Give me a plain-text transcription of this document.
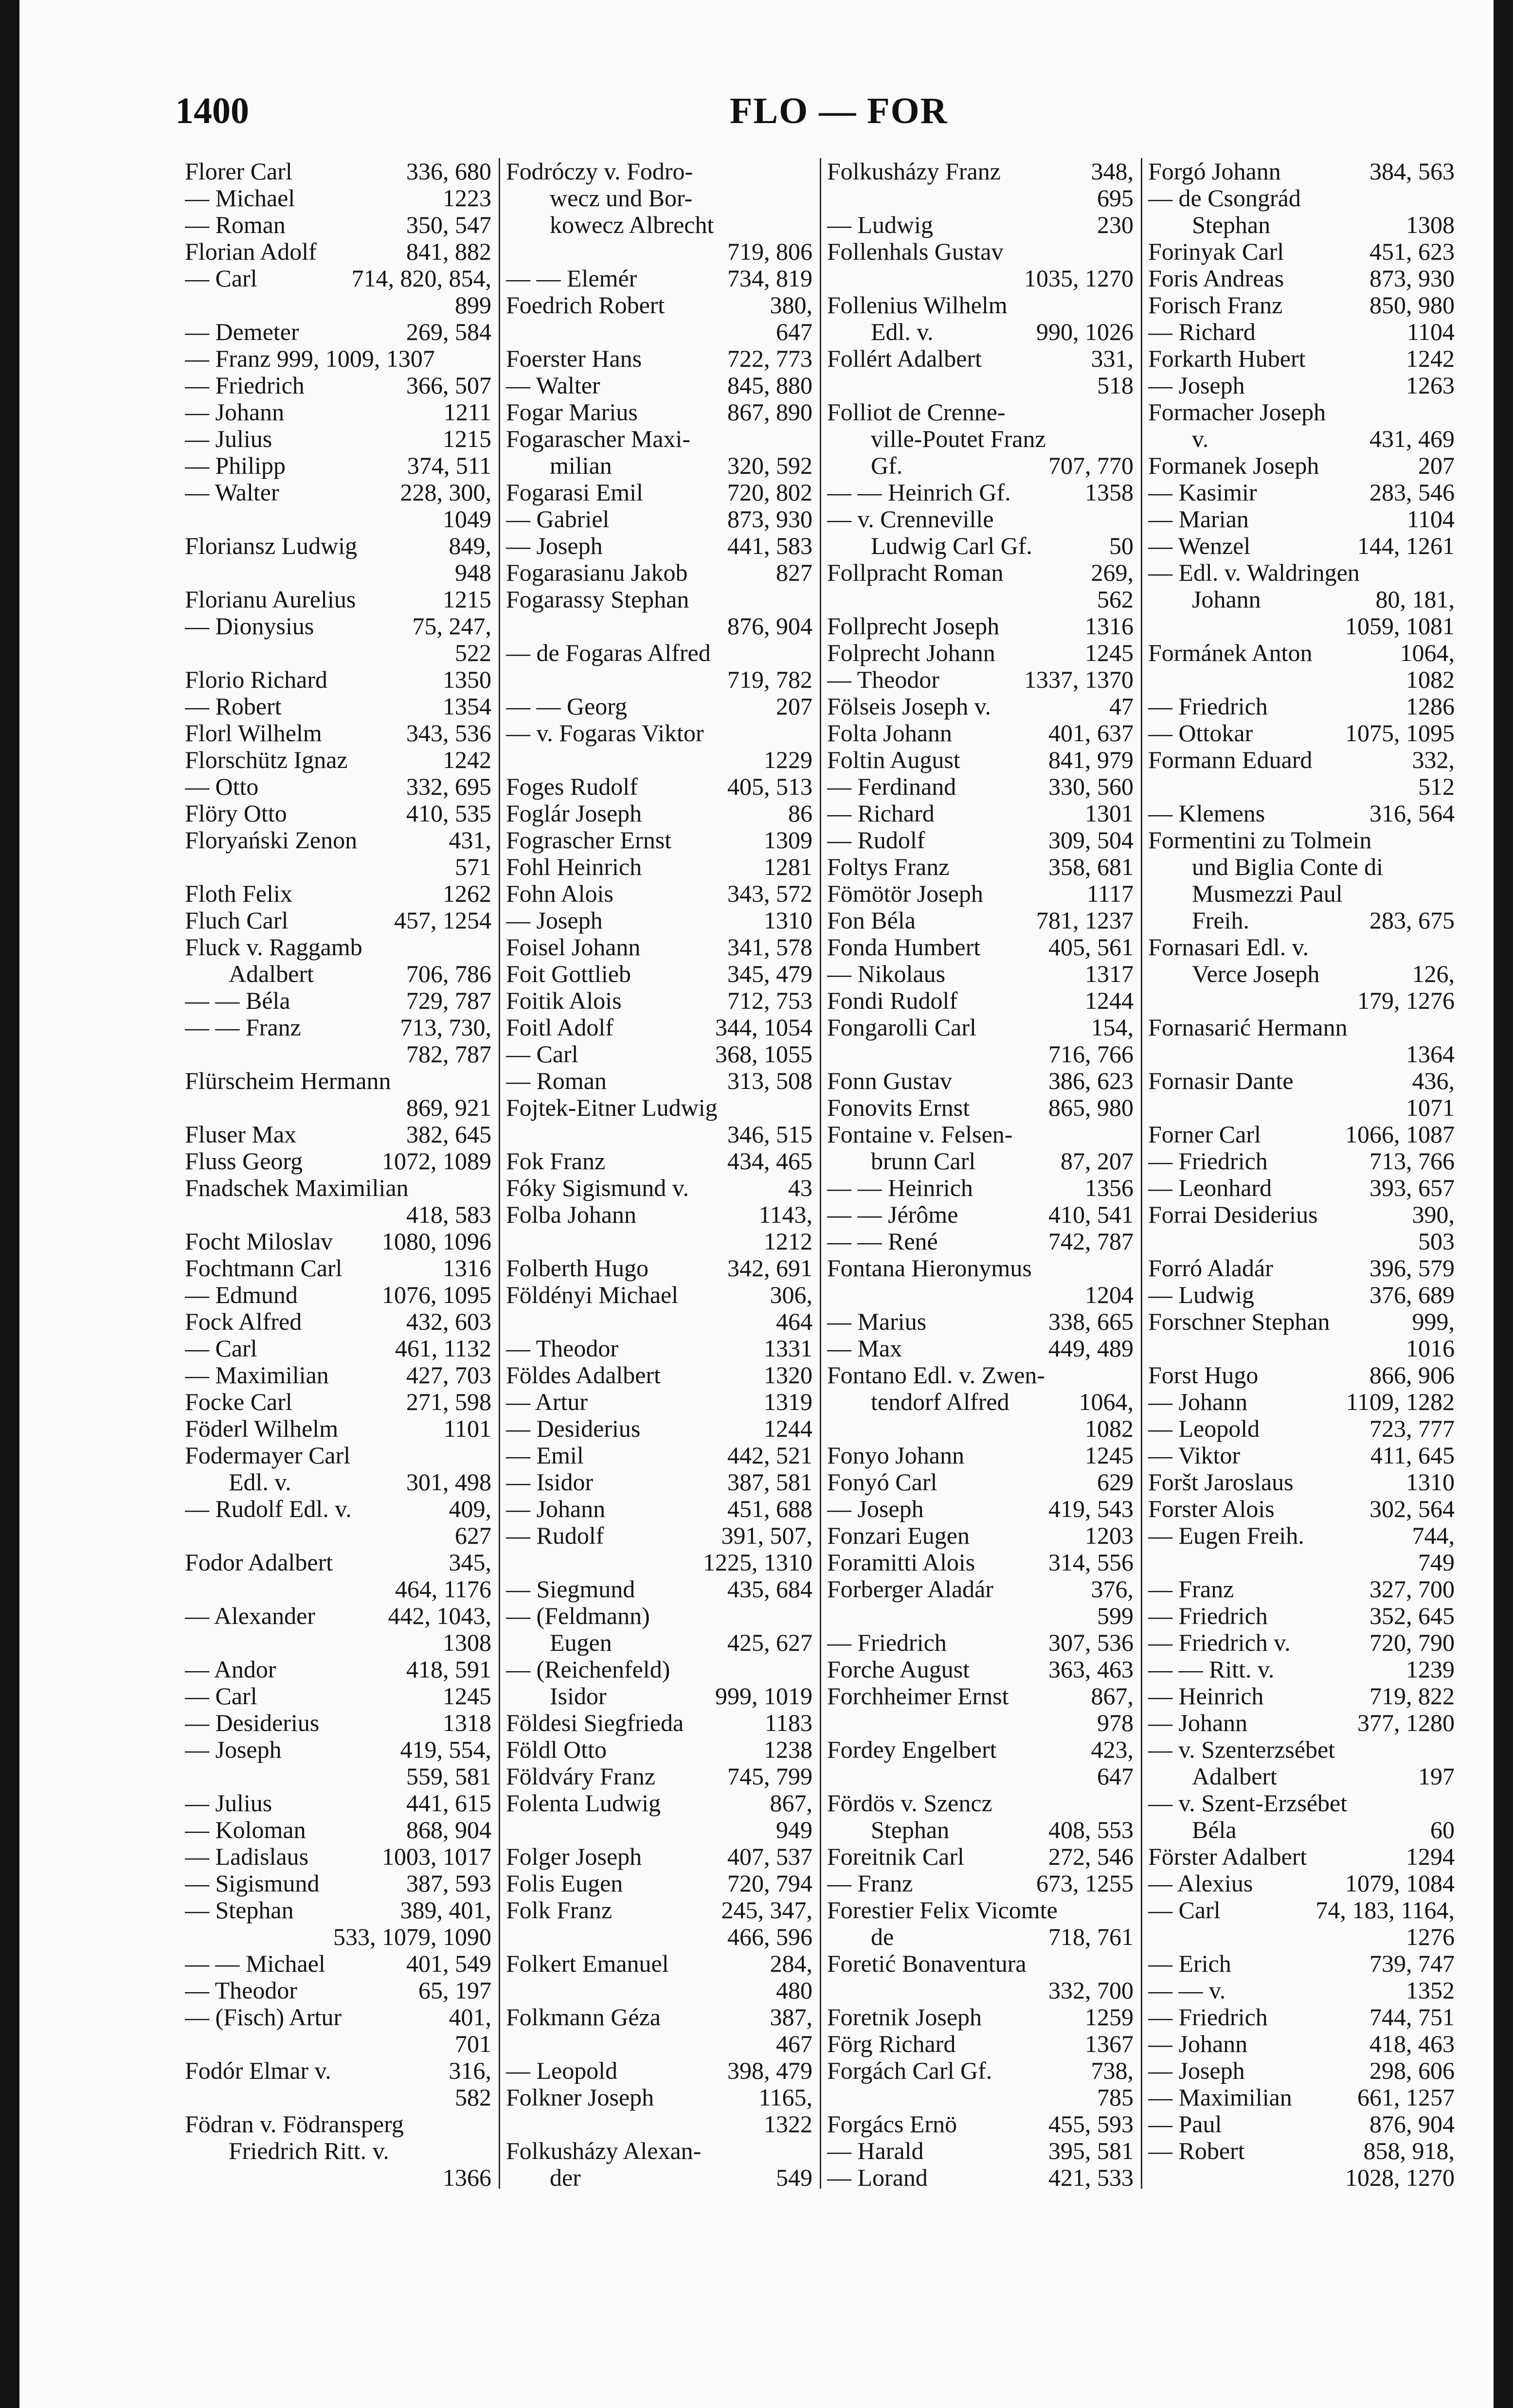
1400	FLO — FOR
Florer Carl	336, 680
— Michael	1223
— Roman	350, 547
Florian Adolf	841, 882
— Carl	714, 820, 854,
899
— Demeter	269, 584
— Franz 999, 1009, 1307
— Friedrich	366, 507
— Johann	1211
— Julius	1215
— Philipp	374, 511
— Walter	228, 300,
1049
Floriansz Ludwig	849,
948
Florianu Aurelius	1215
— Dionysius	75, 247,
522
Florio Richard	1350
— Robert	1354
Florl Wilhelm	343, 536
Florschütz Ignaz	1242
— Otto	332, 695
Flöry Otto	410, 535
Floryański Zenon	431,
571
Floth Felix	1262
Fluch Carl	457, 1254
Fluck v. Raggamb
Adalbert	706, 786
— — Béla	729, 787
— — Franz	713, 730,
782, 787
Flürscheim Hermann
869, 921
Fluser Max	382, 645
Fluss Georg	1072, 1089
Fnadschek Maximilian
418, 583
Focht Miloslav	1080, 1096
Fochtmann Carl	1316
— Edmund	1076, 1095
Fock Alfred	432, 603
— Carl	461, 1132
— Maximilian	427, 703
Focke Carl	271, 598
Föderl Wilhelm	1101
Fodermayer Carl
Edl. v.	301, 498
— Rudolf Edl. v.	409,
627
Fodor Adalbert	345,
464, 1176
— Alexander	442, 1043,
1308
— Andor	418, 591
— Carl	1245
— Desiderius	1318
— Joseph	419, 554,
559, 581
— Julius	441, 615
— Koloman	868, 904
— Ladislaus	1003, 1017
— Sigismund	387, 593
— Stephan	389, 401,
533, 1079, 1090
— — Michael	401, 549
— Theodor	65, 197
— (Fisch) Artur	401,
701
Fodór Elmar v.	316,
582
Födran v. Födransperg
Friedrich Ritt. v.
1366
Fodróczy v. Fodro-
wecz und Bor-
kowecz Albrecht
719, 806
— — Elemér	734, 819
Foedrich Robert	380,
647
Foerster Hans	722, 773
— Walter	845, 880
Fogar Marius	867, 890
Fogarascher Maxi-
milian	320, 592
Fogarasi Emil	720, 802
— Gabriel	873, 930
— Joseph	441, 583
Fogarasianu Jakob	827
Fogarassy Stephan
876, 904
— de Fogaras Alfred
719, 782
— — Georg	207
— v. Fogaras Viktor
1229
Foges Rudolf	405, 513
Foglár Joseph	86
Fograscher Ernst	1309
Fohl Heinrich	1281
Fohn Alois	343, 572
— Joseph	1310
Foisel Johann	341, 578
Foit Gottlieb	345, 479
Foitik Alois	712, 753
Foitl Adolf	344, 1054
— Carl	368, 1055
— Roman	313, 508
Fojtek-Eitner Ludwig
346, 515
Fok Franz	434, 465
Fóky Sigismund v.	43
Folba Johann	1143,
1212
Folberth Hugo	342, 691
Földényi Michael	306,
464
— Theodor	1331
Földes Adalbert	1320
— Artur	1319
— Desiderius	1244
— Emil	442, 521
— Isidor	387, 581
— Johann	451, 688
— Rudolf	391, 507,
1225, 1310
— Siegmund	435, 684
— (Feldmann)
Eugen	425, 627
— (Reichenfeld)
Isidor	999, 1019
Földesi Siegfrieda	1183
Földl Otto	1238
Földváry Franz	745, 799
Folenta Ludwig	867,
949
Folger Joseph	407, 537
Folis Eugen	720, 794
Folk Franz	245, 347,
466, 596
Folkert Emanuel	284,
480
Folkmann Géza	387,
467
— Leopold	398, 479
Folkner Joseph	1165,
1322
Folkusházy Alexan-
der	549
Folkusházy Franz	348,
695
— Ludwig	230
Follenhals Gustav
1035, 1270
Follenius Wilhelm
Edl. v.	990, 1026
Follért Adalbert	331,
518
Folliot de Crenne-
ville-Poutet Franz
Gf.	707, 770
— — Heinrich Gf.	1358
— v. Crenneville
Ludwig Carl Gf.	50
Follpracht Roman	269,
562
Follprecht Joseph	1316
Folprecht Johann	1245
— Theodor	1337, 1370
Fölseis Joseph v.	47
Folta Johann	401, 637
Foltin August	841, 979
— Ferdinand	330, 560
— Richard	1301
— Rudolf	309, 504
Foltys Franz	358, 681
Fömötör Joseph	1117
Fon Béla	781, 1237
Fonda Humbert	405, 561
— Nikolaus	1317
Fondi Rudolf	1244
Fongarolli Carl	154,
716, 766
Fonn Gustav	386, 623
Fonovits Ernst	865, 980
Fontaine v. Felsen-
brunn Carl	87, 207
— — Heinrich	1356
— — Jérôme	410, 541
— — René	742, 787
Fontana Hieronymus
1204
— Marius	338, 665
— Max	449, 489
Fontano Edl. v. Zwen-
tendorf Alfred	1064,
1082
Fonyo Johann	1245
Fonyó Carl	629
— Joseph	419, 543
Fonzari Eugen	1203
Foramitti Alois	314, 556
Forberger Aladár	376,
599
— Friedrich	307, 536
Forche August	363, 463
Forchheimer Ernst	867,
978
Fordey Engelbert	423,
647
Fördös v. Szencz
Stephan	408, 553
Foreitnik Carl	272, 546
— Franz	673, 1255
Forestier Felix Vicomte
de	718, 761
Foretić Bonaventura
332, 700
Foretnik Joseph	1259
Förg Richard	1367
Forgách Carl Gf.	738,
785
Forgács Ernö	455, 593
— Harald	395, 581
— Lorand	421, 533
Forgó Johann	384, 563
— de Csongrád
Stephan	1308
Forinyak Carl	451, 623
Foris Andreas	873, 930
Forisch Franz	850, 980
— Richard	1104
Forkarth Hubert	1242
— Joseph	1263
Formacher Joseph
v.	431, 469
Formanek Joseph	207
— Kasimir	283, 546
— Marian	1104
— Wenzel	144, 1261
— Edl. v. Waldringen
Johann	80, 181,
1059, 1081
Formánek Anton	1064,
1082
— Friedrich	1286
— Ottokar	1075, 1095
Formann Eduard	332,
512
— Klemens	316, 564
Formentini zu Tolmein
und Biglia Conte di
Musmezzi Paul
Freih.	283, 675
Fornasari Edl. v.
Verce Joseph	126,
179, 1276
Fornasarić Hermann
1364
Fornasir Dante	436,
1071
Forner Carl	1066, 1087
— Friedrich	713, 766
— Leonhard	393, 657
Forrai Desiderius	390,
503
Forró Aladár	396, 579
— Ludwig	376, 689
Forschner Stephan	999,
1016
Forst Hugo	866, 906
— Johann	1109, 1282
— Leopold	723, 777
— Viktor	411, 645
Foršt Jaroslaus	1310
Forster Alois	302, 564
— Eugen Freih.	744,
749
— Franz	327, 700
— Friedrich	352, 645
— Friedrich v.	720, 790
— — Ritt. v.	1239
— Heinrich	719, 822
— Johann	377, 1280
— v. Szenterzsébet
Adalbert	197
— v. Szent-Erzsébet
Béla	60
Förster Adalbert	1294
— Alexius	1079, 1084
— Carl	74, 183, 1164,
1276
— Erich	739, 747
— — v.	1352
— Friedrich	744, 751
— Johann	418, 463
— Joseph	298, 606
— Maximilian	661, 1257
— Paul	876, 904
— Robert	858, 918,
1028, 1270
